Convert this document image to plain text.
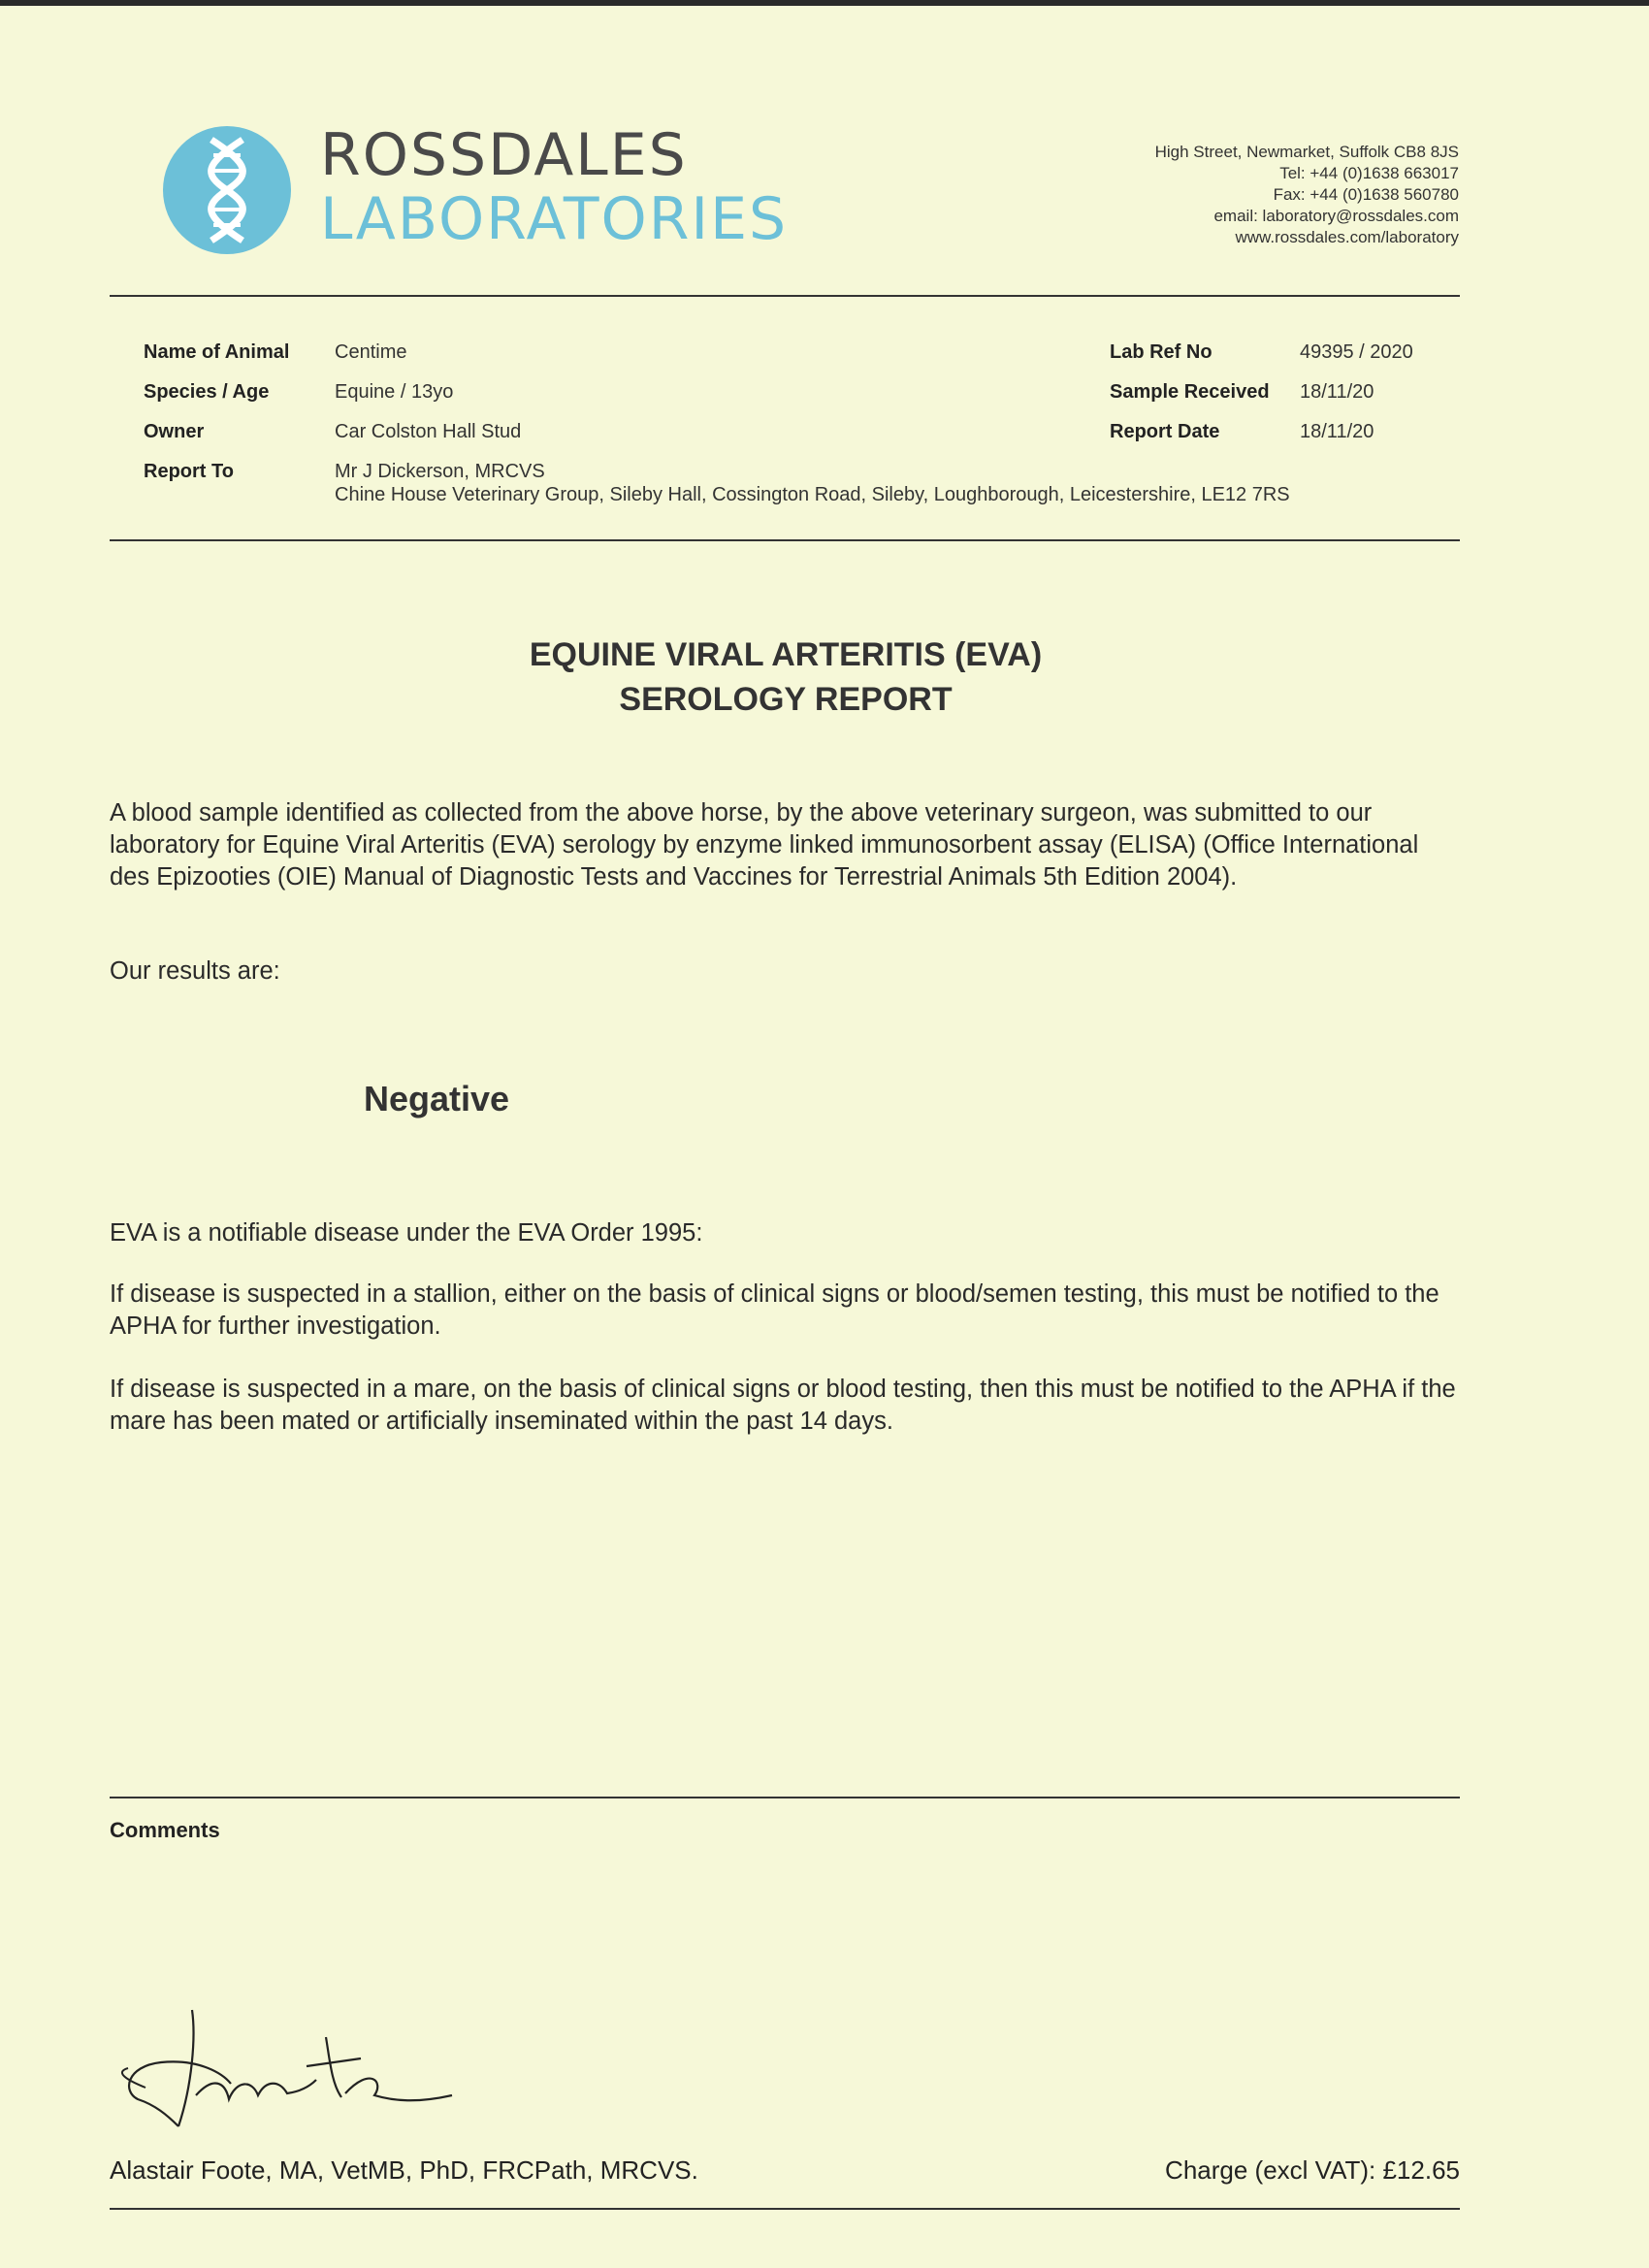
ROSSDALES
LABORATORIES
High Street, Newmarket, Suffolk CB8 8JS
Tel: +44 (0)1638 663017
Fax: +44 (0)1638 560780
email: laboratory@rossdales.com
www.rossdales.com/laboratory
Name of Animal Centime
Species / Age	Equine / 13yo
Owner	Car Colston Hall Stud
Report To	Mr J Dickerson, MRCVS
Chine House Veterinary Group, Sileby Hall, Cossington Road, Sileby, Loughborough, Leicestershire, LE12 7RS
Lab Ref No	49395 / 2020
Sample Received 18/11/20
Report Date	18/11/20
EQUINE VIRAL ARTERITIS (EVA)
SEROLOGY REPORT
A blood sample identified as collected from the above horse, by the above veterinary surgeon, was submitted to our laboratory for Equine Viral Arteritis (EVA) serology by enzyme linked immunosorbent assay (ELISA) (Office International des Epizooties (OIE) Manual of Diagnostic Tests and Vaccines for Terrestrial Animals 5th Edition 2004).
Our results are:
Negative
EVA is a notifiable disease under the EVA Order 1995:
If disease is suspected in a stallion, either on the basis of clinical signs or blood/semen testing, this must be notified to the APHA for further investigation.
If disease is suspected in a mare, on the basis of clinical signs or blood testing, then this must be notified to the APHA if the mare has been mated or artificially inseminated within the past 14 days.
Comments
Alastair Foote, MA, VetMB, PhD, FRCPath, MRCVS.	Charge (excl VAT): £12.65
